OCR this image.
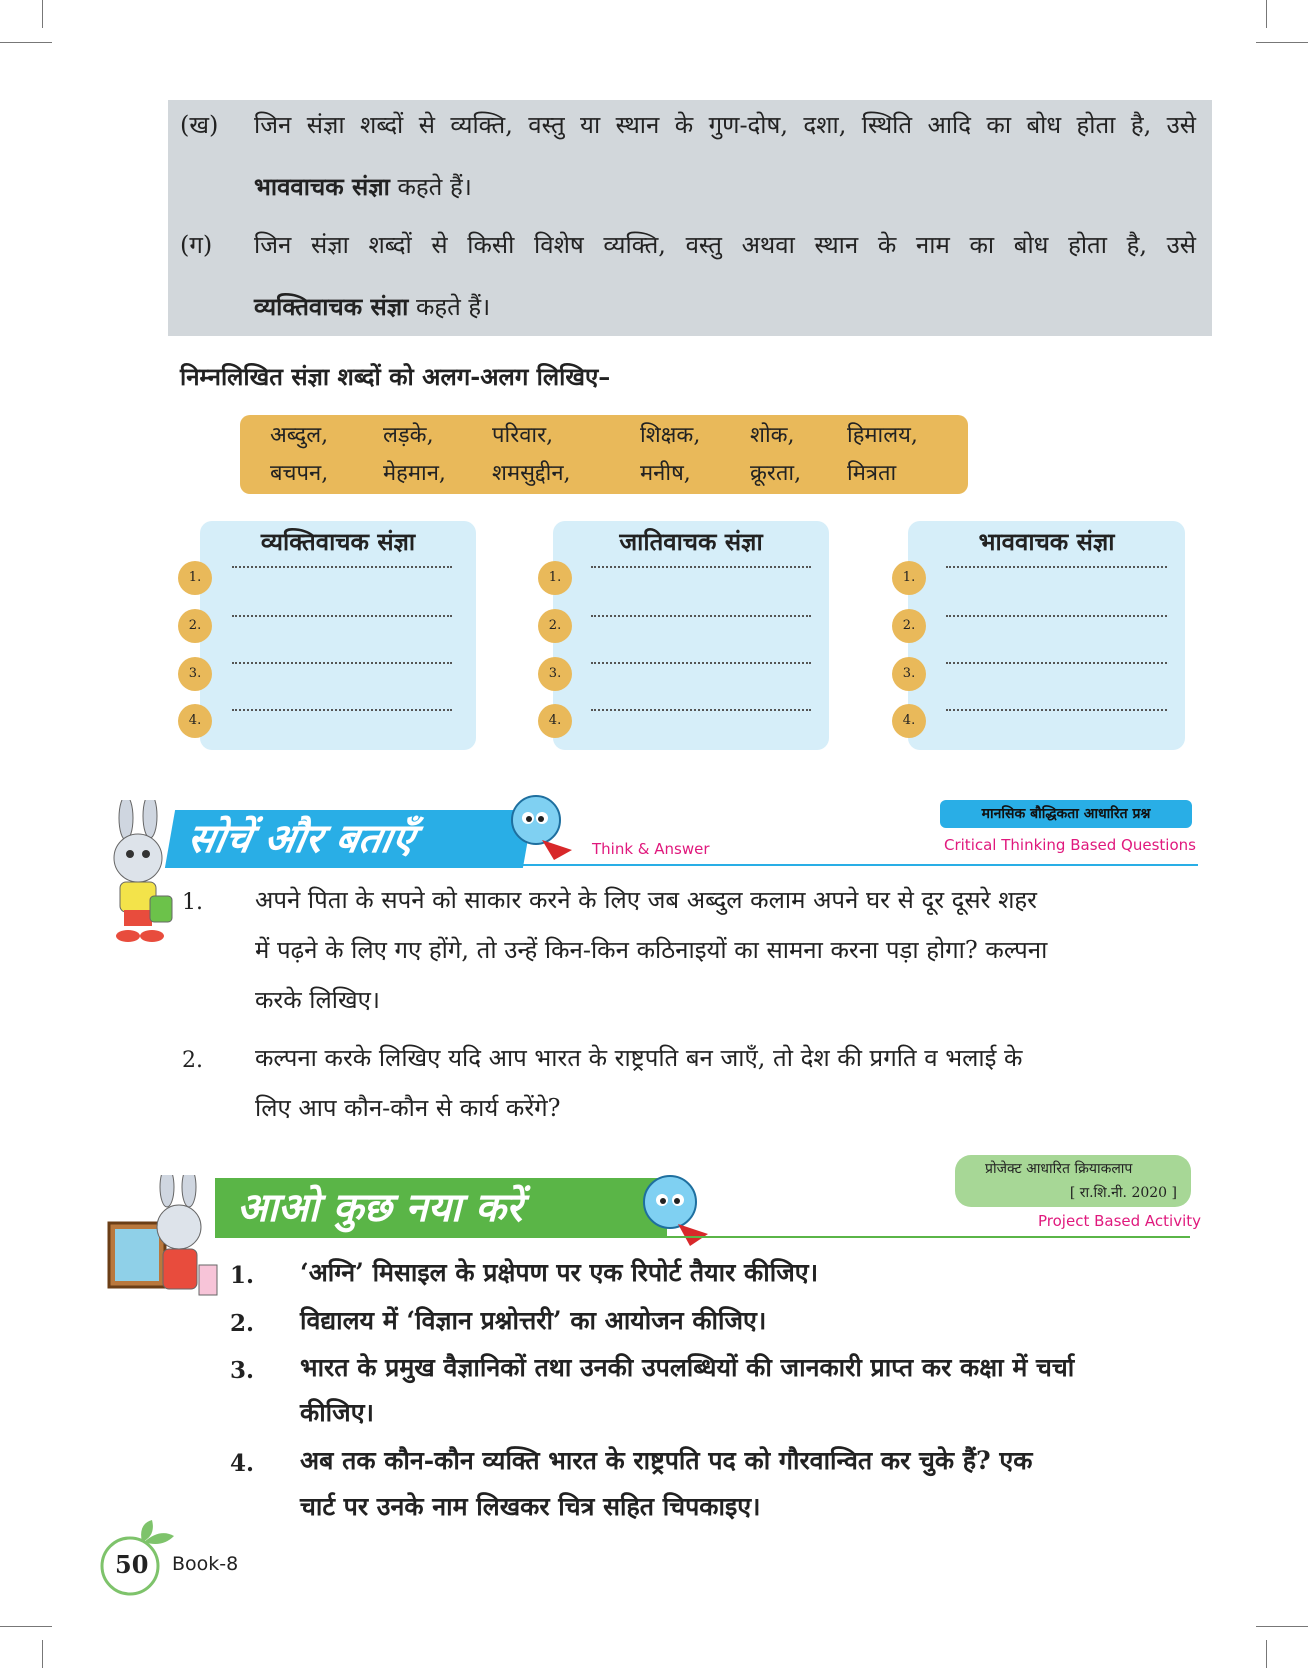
(ख)	जिन संज्ञा शब्दों से व्यक्ति, वस्तु या स्थान के गुण-दोष, दशा, स्थिति आदि का बोध होता है, उसे
भाववाचक संज्ञा कहते हैं।
(ग)	जिन संज्ञा शब्दों से किसी विशेष व्यक्ति, वस्तु अथवा स्थान के नाम का बोध होता है, उसे
व्यक्तिवाचक संज्ञा कहते हैं।
निम्नलिखित संज्ञा शब्दों को अलग-अलग लिखिए–
अब्दुल, लड़के,	परिवार,	शिक्षक, शोक, हिमालय,
बचपन, मेहमान, शमसुद्दीन,	मनीष,	क्रूरता, मित्रता
व्यक्तिवाचक संज्ञा	जातिवाचक संज्ञा	भाववाचक संज्ञा
1.
2.
3.
4.
1.
2.
3.
4.
1.
2.
3.
4.
सोचें और बताएँ	Think & Answer
मानसिक बौद्धिकता आधारित प्रश्न
Critical Thinking Based Questions
1. अपने पिता के सपने को साकार करने के लिए जब अब्दुल कलाम अपने घर से दूर दूसरे शहर
में पढ़ने के लिए गए होंगे, तो उन्हें किन-किन कठिनाइयों का सामना करना पड़ा होगा? कल्पना
करके लिखिए।
2. कल्पना करके लिखिए यदि आप भारत के राष्ट्रपति बन जाएँ, तो देश की प्रगति व भलाई के
लिए आप कौन-कौन से कार्य करेंगे?
आओ कुछ नया करें
प्रोजेक्ट आधारित क्रियाकलाप
[ रा.शि.नी. 2020 ]
Project Based Activity
1. ‘अग्नि’ मिसाइल के प्रक्षेपण पर एक रिपोर्ट तैयार कीजिए।
2. विद्यालय में ‘विज्ञान प्रश्नोत्तरी’ का आयोजन कीजिए।
3. भारत के प्रमुख वैज्ञानिकों तथा उनकी उपलब्धियों की जानकारी प्राप्त कर कक्षा में चर्चा
कीजिए।
4. अब तक कौन-कौन व्यक्ति भारत के राष्ट्रपति पद को गौरवान्वित कर चुके हैं? एक
चार्ट पर उनके नाम लिखकर चित्र सहित चिपकाइए।
50 Book-8
